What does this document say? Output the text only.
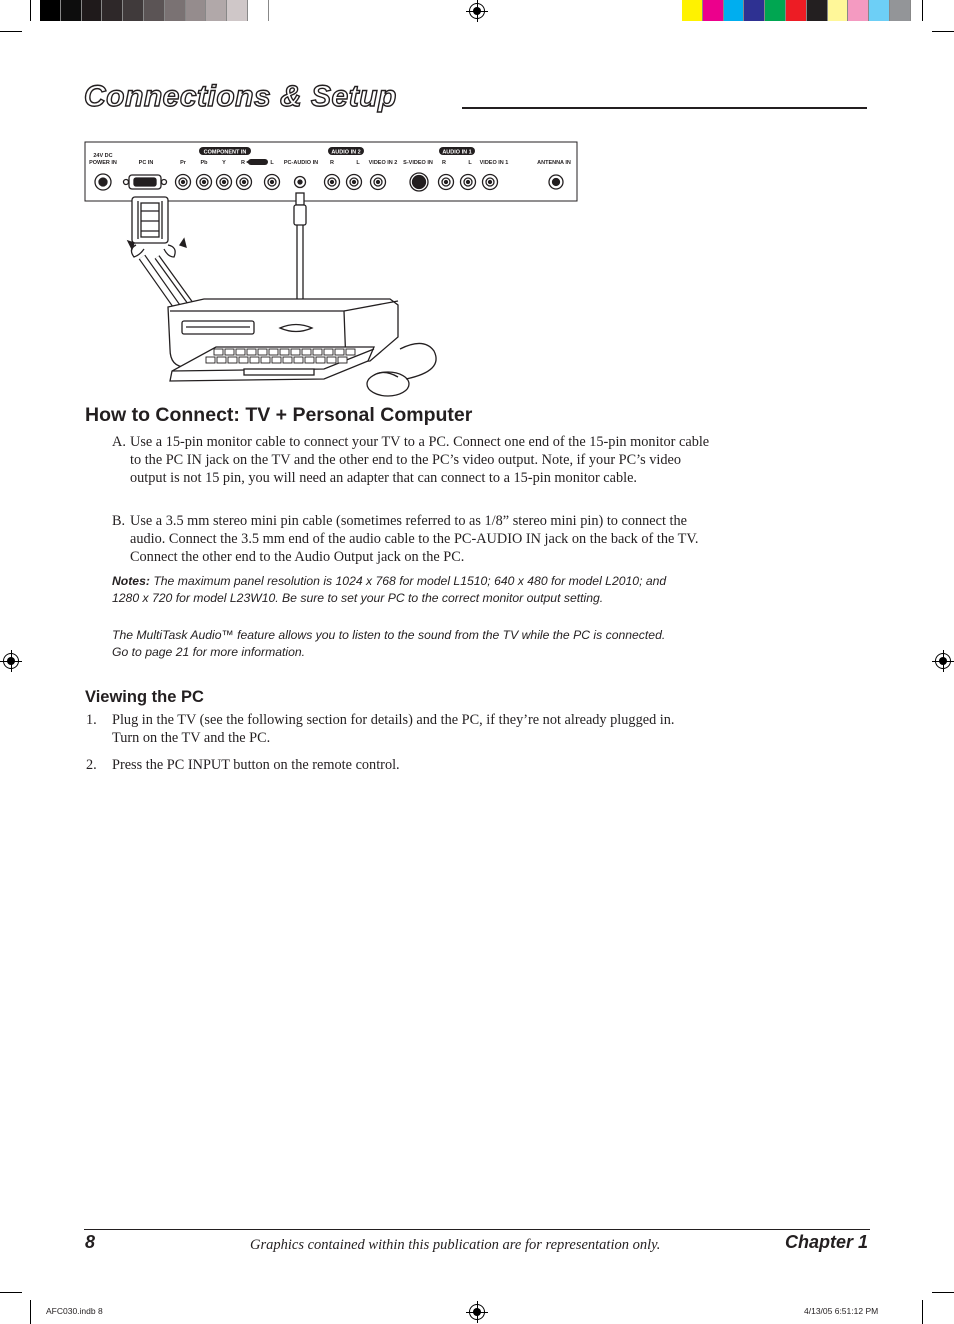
Connections & Setup
COMPONENT IN	AUDIO IN 2	AUDIO IN 1
24V DC
POWER IN	PC IN	Pr	Pb	Y	R	L PC-AUDIO IN R	L VIDEO IN 2 S-VIDEO IN R	L VIDEO IN 1	ANTENNA IN
How to Connect: TV + Personal Computer
A. Use a 15-pin monitor cable to connect your TV to a PC. Connect one end of the 15-pin monitor cable to the PC IN jack on the TV and the other end to the PC’s video output. Note, if your PC’s video output is not 15 pin, you will need an adapter that can connect to a 15-pin monitor cable.
B. Use a 3.5 mm stereo mini pin cable (sometimes referred to as 1/8” stereo mini pin) to connect the audio. Connect the 3.5 mm end of the audio cable to the PC-AUDIO IN jack on the back of the TV. Connect the other end to the Audio Output jack on the PC.
Notes: The maximum panel resolution is 1024 x 768 for model L1510; 640 x 480 for model L2010; and 1280 x 720 for model L23W10. Be sure to set your PC to the correct monitor output setting.
The MultiTask Audio™ feature allows you to listen to the sound from the TV while the PC is connected. Go to page 21 for more information.
Viewing the PC
1. Plug in the TV (see the following section for details) and the PC, if they’re not already plugged in. Turn on the TV and the PC.
2. Press the PC INPUT button on the remote control.
8	Graphics contained within this publication are for representation only.	Chapter 1
AFC030.indb 8	4/13/05 6:51:12 PM
